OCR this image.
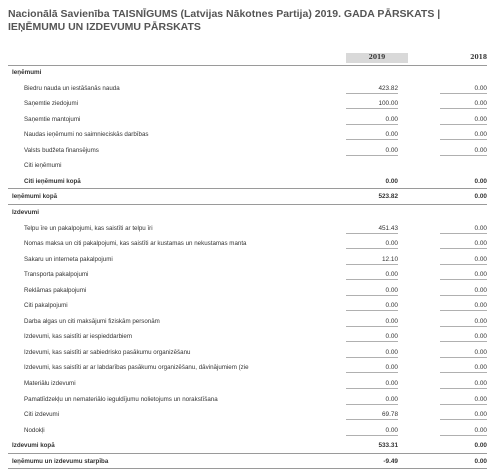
Nacionālā Savienība TAISNĪGUMS (Latvijas Nākotnes Partija) 2019. GADA PĀRSKATS | IEŅĒMUMU UN IZDEVUMU PĀRSKATS
2019	2018
Ieņēmumi
Biedru nauda un iestāšanās nauda	423.82	0.00
Saņemtie ziedojumi	100.00	0.00
Saņemtie mantojumi	0.00	0.00
Naudas ieņēmumi no saimnieciskās darbības	0.00	0.00
Valsts budžeta finansējums	0.00	0.00
Citi ieņēmumi
Citi ieņēmumi kopā	0.00	0.00
Ieņēmumi kopā	523.82	0.00
Izdevumi
Telpu īre un pakalpojumi, kas saistīti ar telpu īri	451.43	0.00
Nomas maksa un citi pakalpojumi, kas saistīti ar kustamas un nekustamas manta	0.00	0.00
Sakaru un interneta pakalpojumi	12.10	0.00
Transporta pakalpojumi	0.00	0.00
Reklāmas pakalpojumi	0.00	0.00
Citi pakalpojumi	0.00	0.00
Darba algas un citi maksājumi fiziskām personām	0.00	0.00
Izdevumi, kas saistīti ar iespieddarbiem	0.00	0.00
Izdevumi, kas saistīti ar sabiedrisko pasākumu organizēšanu	0.00	0.00
Izdevumi, kas saistīti ar ar labdarības pasākumu organizēšanu, dāvinājumiem (zie	0.00	0.00
Materiālu izdevumi	0.00	0.00
Pamatlīdzekļu un nemateriālo ieguldījumu nolietojums un norakstīšana	0.00	0.00
Citi izdevumi	69.78	0.00
Nodokļi	0.00	0.00
Izdevumi kopā	533.31	0.00
Ieņēmumu un izdevumu starpība	-9.49	0.00
